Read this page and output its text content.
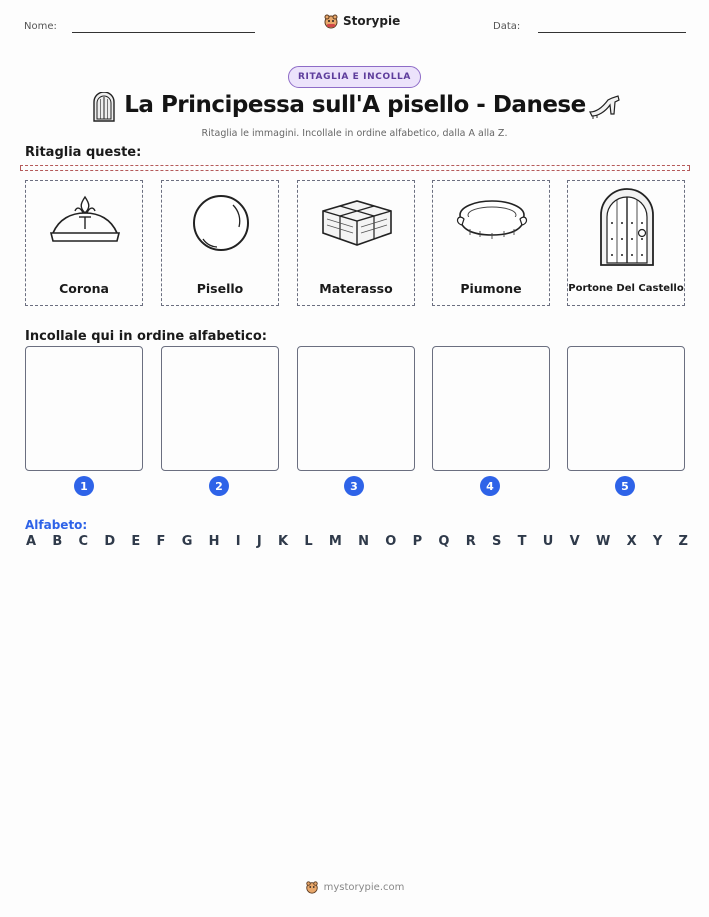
Nome:	Storypie	Data:
RITAGLIA E INCOLLA
La Principessa sull'A pisello - Danese
Ritaglia le immagini. Incollale in ordine alfabetico, dalla A alla Z.
Ritaglia queste:
Corona	Pisello	Materasso	Piumone	Portone Del Castello
Incollale qui in ordine alfabetico:
1	2	3	4	5
Alfabeto:
A B C D E F G H I J K L M N O P Q R S T U V W X Y Z
mystorypie.com
